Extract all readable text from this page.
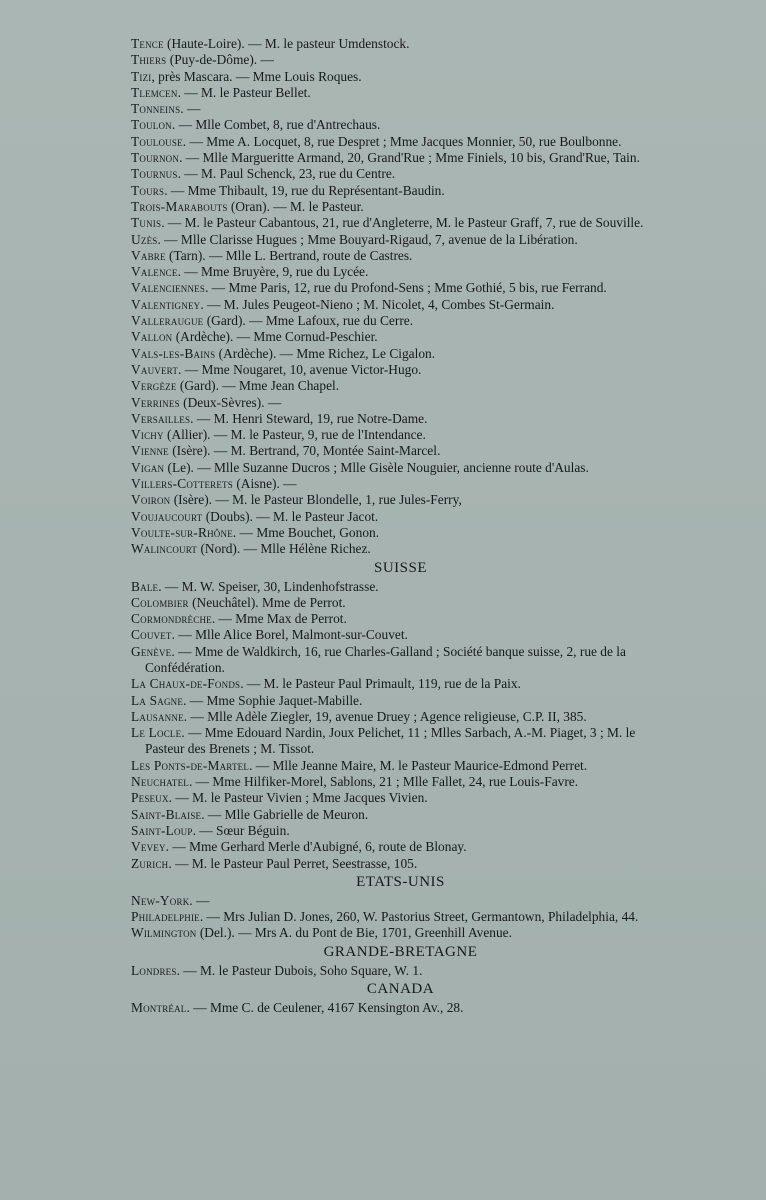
Tence (Haute-Loire). — M. le pasteur Umdenstock.

Thiers (Puy-de-Dôme). —

Tizi, près Mascara. — Mme Louis Roques.

Tlemcen. — M. le Pasteur Bellet.

Tonneins. —

Toulon. — Mlle Combet, 8, rue d'Antrechaus.

Toulouse. — Mme A. Locquet, 8, rue Despret ; Mme Jacques Monnier, 50, rue Boulbonne.

Tournon. — Mlle Margueritte Armand, 20, Grand'Rue ; Mme Finiels, 10 bis, Grand'Rue, Tain.

Tournus. — M. Paul Schenck, 23, rue du Centre.

Tours. — Mme Thibault, 19, rue du Représentant-Baudin.

Trois-Marabouts (Oran). — M. le Pasteur.

Tunis. — M. le Pasteur Cabantous, 21, rue d'Angleterre, M. le Pasteur Graff, 7, rue de Souville.

Uzès. — Mlle Clarisse Hugues ; Mme Bouyard-Rigaud, 7, avenue de la Libération.

Vabre (Tarn). — Mlle L. Bertrand, route de Castres.

Valence. — Mme Bruyère, 9, rue du Lycée.

Valenciennes. — Mme Paris, 12, rue du Profond-Sens ; Mme Gothié, 5 bis, rue Ferrand.

Valentigney. — M. Jules Peugeot-Nieno ; M. Nicolet, 4, Combes St-Germain.

Valleraugue (Gard). — Mme Lafoux, rue du Cerre.

Vallon (Ardèche). — Mme Cornud-Peschier.

Vals-les-Bains (Ardèche). — Mme Richez, Le Cigalon.

Vauvert. — Mme Nougaret, 10, avenue Victor-Hugo.

Vergèze (Gard). — Mme Jean Chapel.

Verrines (Deux-Sèvres). —

Versailles. — M. Henri Steward, 19, rue Notre-Dame.

Vichy (Allier). — M. le Pasteur, 9, rue de l'Intendance.

Vienne (Isère). — M. Bertrand, 70, Montée Saint-Marcel.

Vigan (Le). — Mlle Suzanne Ducros ; Mlle Gisèle Nouguier, ancienne route d'Aulas.

Villers-Cotterets (Aisne). —

Voiron (Isère). — M. le Pasteur Blondelle, 1, rue Jules-Ferry,

Voujaucourt (Doubs). — M. le Pasteur Jacot.

Voulte-sur-Rhône. — Mme Bouchet, Gonon.

Walincourt (Nord). — Mlle Hélène Richez.

SUISSE

Bale. — M. W. Speiser, 30, Lindenhofstrasse.

Colombier (Neuchâtel). Mme de Perrot.

Cormondrèche. — Mme Max de Perrot.

Couvet. — Mlle Alice Borel, Malmont-sur-Couvet.

Genève. — Mme de Waldkirch, 16, rue Charles-Galland ; Société banque suisse, 2, rue de la Confédération.

La Chaux-de-Fonds. — M. le Pasteur Paul Primault, 119, rue de la Paix.

La Sagne. — Mme Sophie Jaquet-Mabille.

Lausanne. — Mlle Adèle Ziegler, 19, avenue Druey ; Agence religieuse, C.P. II, 385.

Le Locle. — Mme Edouard Nardin, Joux Pelichet, 11 ; Mlles Sarbach, A.-M. Piaget, 3 ; M. le Pasteur des Brenets ; M. Tissot.

Les Ponts-de-Martel. — Mlle Jeanne Maire, M. le Pasteur Maurice-Edmond Perret.

Neuchatel. — Mme Hilfiker-Morel, Sablons, 21 ; Mlle Fallet, 24, rue Louis-Favre.

Peseux. — M. le Pasteur Vivien ; Mme Jacques Vivien.

Saint-Blaise. — Mlle Gabrielle de Meuron.

Saint-Loup. — Sœur Béguin.

Vevey. — Mme Gerhard Merle d'Aubigné, 6, route de Blonay.

Zurich. — M. le Pasteur Paul Perret, Seestrasse, 105.

ETATS-UNIS

New-York. —

Philadelphie. — Mrs Julian D. Jones, 260, W. Pastorius Street, Germantown, Philadelphia, 44.

Wilmington (Del.). — Mrs A. du Pont de Bie, 1701, Greenhill Avenue.

GRANDE-BRETAGNE

Londres. — M. le Pasteur Dubois, Soho Square, W. 1.

CANADA

Montréal. — Mme C. de Ceulener, 4167 Kensington Av., 28.
